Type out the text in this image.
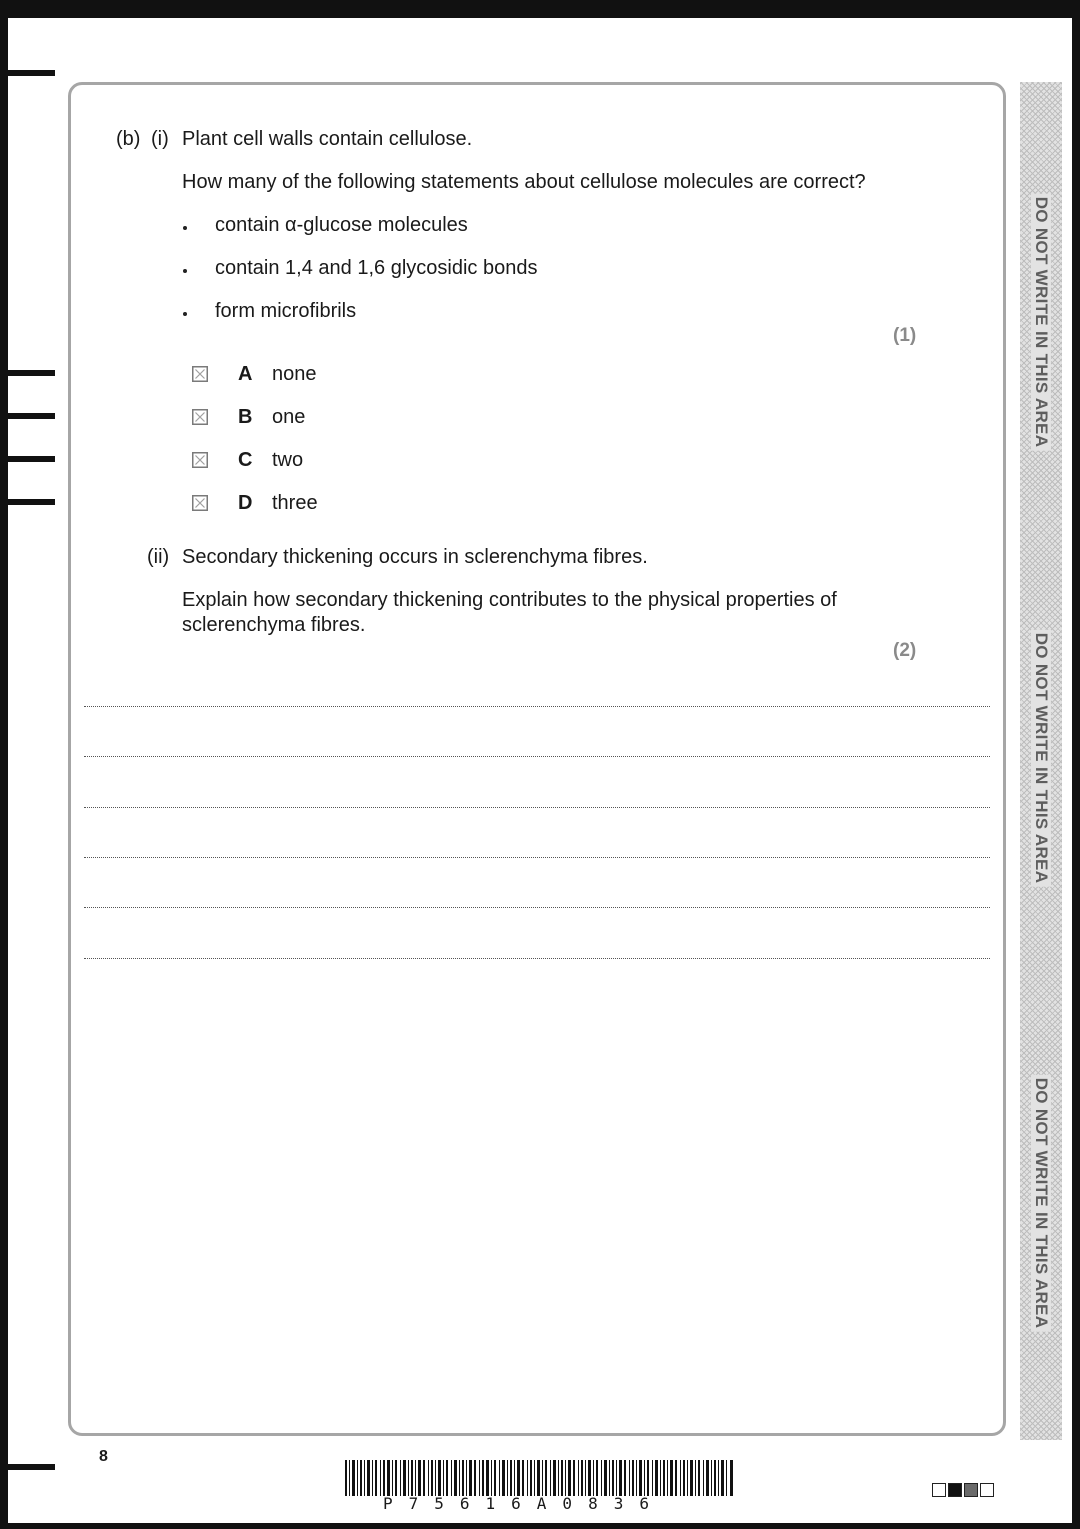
DO NOT WRITE IN THIS AREA
DO NOT WRITE IN THIS AREA
DO NOT WRITE IN THIS AREA
(b) (i) Plant cell walls contain cellulose.
How many of the following statements about cellulose molecules are correct?
contain α-glucose molecules
contain 1,4 and 1,6 glycosidic bonds
form microfibrils
(1)
A none
B one
C two
D three
(ii) Secondary thickening occurs in sclerenchyma fibres.
Explain how secondary thickening contributes to the physical properties of
sclerenchyma fibres.
(2)
8
P75616A0836
